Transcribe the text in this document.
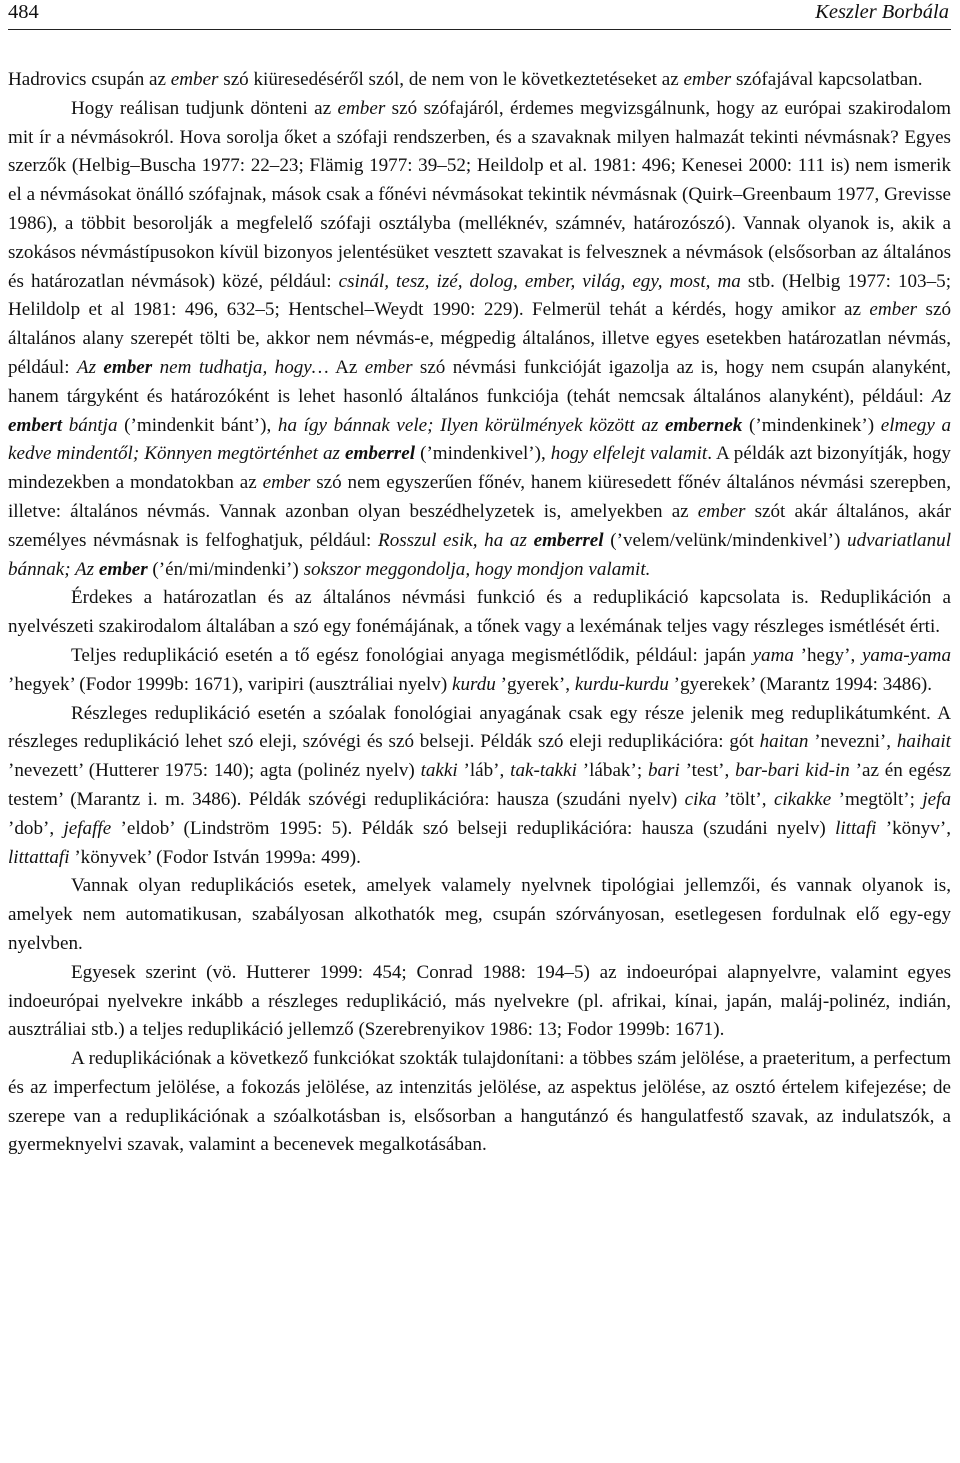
484	Keszler Borbála

Hadrovics csupán az ember szó kiüresedéséről szól, de nem von le következtetéseket az ember szófajával kapcsolatban.

Hogy reálisan tudjunk dönteni az ember szó szófajáról, érdemes megvizsgálnunk, hogy az európai szakirodalom mit ír a névmásokról. Hova sorolja őket a szófaji rendszerben, és a szavaknak milyen halmazát tekinti névmásnak? Egyes szerzők (Helbig–Buscha 1977: 22–23; Flämig 1977: 39–52; Heildolp et al. 1981: 496; Kenesei 2000: 111 is) nem ismerik el a névmásokat önálló szófajnak, mások csak a főnévi névmásokat tekintik névmásnak (Quirk–Greenbaum 1977, Grevisse 1986), a többit besorolják a megfelelő szófaji osztályba (melléknév, számnév, határozószó). Vannak olyanok is, akik a szokásos névmástípusokon kívül bizonyos jelentésüket vesztett szavakat is felvesznek a névmások (elsősorban az általános és határozatlan névmások) közé, például: csinál, tesz, izé, dolog, ember, világ, egy, most, ma stb. (Helbig 1977: 103–5; Helildolp et al 1981: 496, 632–5; Hentschel–Weydt 1990: 229). Felmerül tehát a kérdés, hogy amikor az ember szó általános alany szerepét tölti be, akkor nem névmás-e, mégpedig általános, illetve egyes esetekben határozatlan névmás, például: Az ember nem tudhatja, hogy… Az ember szó névmási funkcióját igazolja az is, hogy nem csupán alanyként, hanem tárgyként és határozóként is lehet hasonló általános funkciója (tehát nemcsak általános alanyként), például: Az embert bántja (’mindenkit bánt’), ha így bánnak vele; Ilyen körülmények között az embernek (’mindenkinek’) elmegy a kedve mindentől; Könnyen megtörténhet az emberrel (’mindenkivel’), hogy elfelejt valamit. A példák azt bizonyítják, hogy mindezekben a mondatokban az ember szó nem egyszerűen főnév, hanem kiüresedett főnév általános névmási szerepben, illetve: általános névmás. Vannak azonban olyan beszédhelyzetek is, amelyekben az ember szót akár általános, akár személyes névmásnak is felfoghatjuk, például: Rosszul esik, ha az emberrel (’velem/velünk/mindenkivel’) udvariatlanul bánnak; Az ember (’én/mi/mindenki’) sokszor meggondolja, hogy mondjon valamit.

Érdekes a határozatlan és az általános névmási funkció és a reduplikáció kapcsolata is. Reduplikáción a nyelvészeti szakirodalom általában a szó egy fonémájának, a tőnek vagy a lexémának teljes vagy részleges ismétlését érti.

Teljes reduplikáció esetén a tő egész fonológiai anyaga megismétlődik, például: japán yama ’hegy’, yama-yama ’hegyek’ (Fodor 1999b: 1671), varipiri (ausztráliai nyelv) kurdu ’gyerek’, kurdu-kurdu ’gyerekek’ (Marantz 1994: 3486).

Részleges reduplikáció esetén a szóalak fonológiai anyagának csak egy része jelenik meg reduplikátumként. A részleges reduplikáció lehet szó eleji, szóvégi és szó belseji. Példák szó eleji reduplikációra: gót haitan ’nevezni’, haihait ’nevezett’ (Hutterer 1975: 140); agta (polinéz nyelv) takki ’láb’, tak-takki ’lábak’; bari ’test’, bar-bari kid-in ’az én egész testem’ (Marantz i. m. 3486). Példák szóvégi reduplikációra: hausza (szudáni nyelv) cika ’tölt’, cikakke ’megtölt’; jefa ’dob’, jefaffe ’eldob’ (Lindström 1995: 5). Példák szó belseji reduplikációra: hausza (szudáni nyelv) littafi ’könyv’, littattafi ’könyvek’ (Fodor István 1999a: 499).

Vannak olyan reduplikációs esetek, amelyek valamely nyelvnek tipológiai jellemzői, és vannak olyanok is, amelyek nem automatikusan, szabályosan alkothatók meg, csupán szórványosan, esetlegesen fordulnak elő egy-egy nyelvben.

Egyesek szerint (vö. Hutterer 1999: 454; Conrad 1988: 194–5) az indoeurópai alapnyelvre, valamint egyes indoeurópai nyelvekre inkább a részleges reduplikáció, más nyelvekre (pl. afrikai, kínai, japán, maláj-polinéz, indián, ausztráliai stb.) a teljes reduplikáció jellemző (Szerebrenyikov 1986: 13; Fodor 1999b: 1671).

A reduplikációnak a következő funkciókat szokták tulajdonítani: a többes szám jelölése, a praeteritum, a perfectum és az imperfectum jelölése, a fokozás jelölése, az intenzitás jelölése, az aspektus jelölése, az osztó értelem kifejezése; de szerepe van a reduplikációnak a szóalkotásban is, elsősorban a hangutánzó és hangulatfestő szavak, az indulatszók, a gyermeknyelvi szavak, valamint a becenevek megalkotásában.
